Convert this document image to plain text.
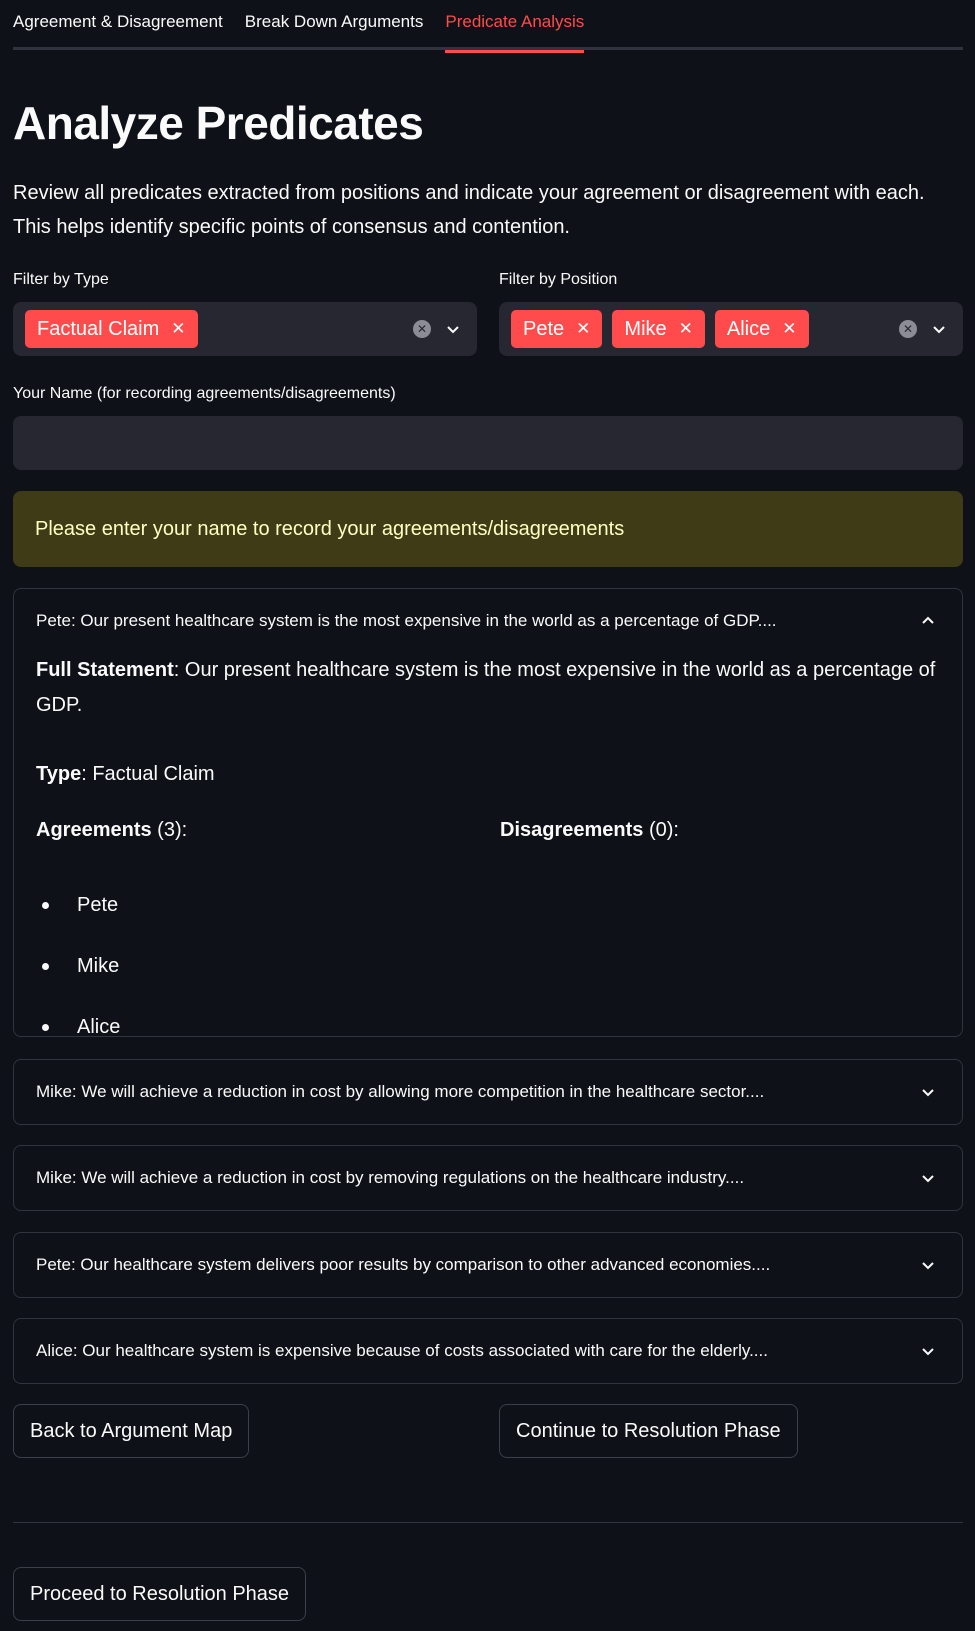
Agreement & Disagreement Break Down Arguments Predicate Analysis
Analyze Predicates

Review all predicates extracted from positions and indicate your agreement or disagreement with each. This helps identify specific points of consensus and contention.

Filter by Type
Factual Claim ✕	✕
Filter by Position
Pete ✕ Mike ✕ Alice ✕	✕
Your Name (for recording agreements/disagreements)
Please enter your name to record your agreements/disagreements
Pete: Our present healthcare system is the most expensive in the world as a percentage of GDP....

Full Statement: Our present healthcare system is the most expensive in the world as a percentage of GDP.

Type: Factual Claim

Agreements (3):	Disagreements (0):

Pete
Mike
Alice
Mike: We will achieve a reduction in cost by allowing more competition in the healthcare sector....
Mike: We will achieve a reduction in cost by removing regulations on the healthcare industry....
Pete: Our healthcare system delivers poor results by comparison to other advanced economies....
Alice: Our healthcare system is expensive because of costs associated with care for the elderly....
Back to Argument Map	Continue to Resolution Phase
Proceed to Resolution Phase
